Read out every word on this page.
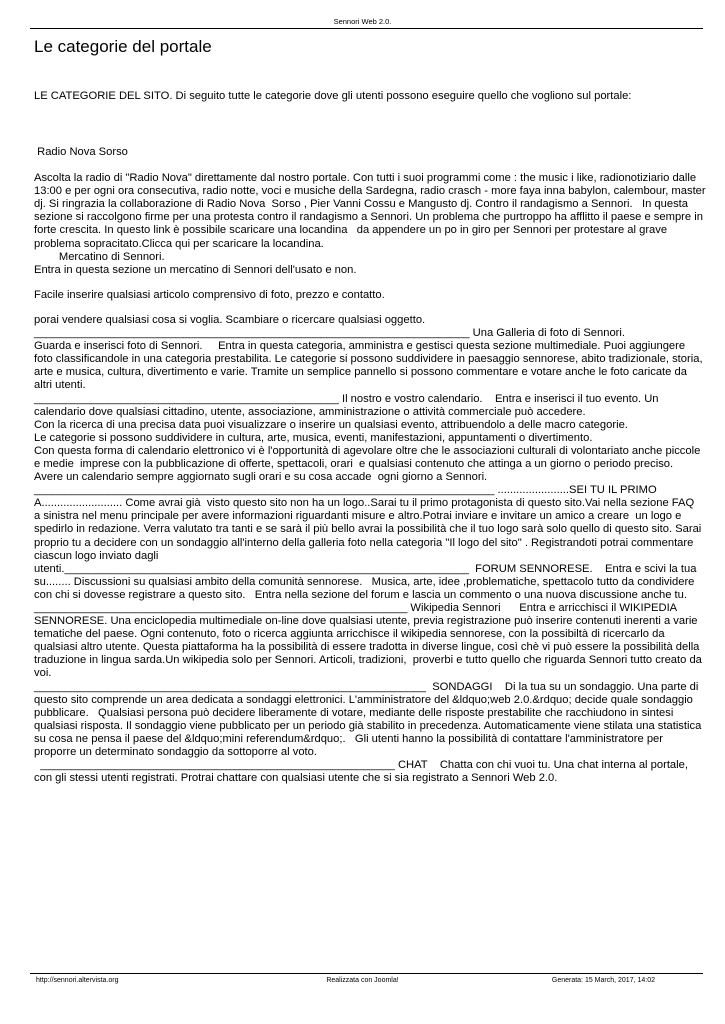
Sennori Web 2.0.
Le categorie del portale
LE CATEGORIE DEL SITO. Di seguito tutte le categorie dove gli utenti possono eseguire quello che vogliono sul portale:

Radio Nova Sorso

Ascolta la radio di "Radio Nova" direttamente dal nostro portale. Con tutti i suoi programmi come : the music i like, radionotiziario dalle 13:00 e per ogni ora consecutiva, radio notte, voci e musiche della Sardegna, radio crasch - more faya inna babylon, calembour, master dj. Si ringrazia la collaborazione di Radio Nova  Sorso , Pier Vanni Cossu e Mangusto dj. Contro il randagismo a Sennori.   In questa sezione si raccolgono firme per una protesta contro il randagismo a Sennori. Un problema che purtroppo ha afflitto il paese e sempre in forte crescita. In questo link è possibile scaricare una locandina   da appendere un po in giro per Sennori per protestare al grave problema sopracitato.Clicca qui per scaricare la locandina.
Mercatino di Sennori.
Entra in questa sezione un mercatino di Sennori dell'usato e non.

Facile inserire qualsiasi articolo comprensivo di foto, prezzo e contatto.

porai vendere qualsiasi cosa si voglia. Scambiare o ricercare qualsiasi oggetto.
______________________________________________________________________ Una Galleria di foto di Sennori.
Guarda e inserisci foto di Sennori.     Entra in questa categoria, amministra e gestisci questa sezione multimediale. Puoi aggiungere foto classificandole in una categoria prestabilita. Le categorie si possono suddividere in paesaggio sennorese, abito tradizionale, storia, arte e musica, cultura, divertimento e varie. Tramite un semplice pannello si possono commentare e votare anche le foto caricate da altri utenti.
_________________________________________________ Il nostro e vostro calendario.    Entra e inserisci il tuo evento. Un calendario dove qualsiasi cittadino, utente, associazione, amministrazione o attività commerciale può accedere.
Con la ricerca di una precisa data puoi visualizzare o inserire un qualsiasi evento, attribuendolo a delle macro categorie.
Le categorie si possono suddividere in cultura, arte, musica, eventi, manifestazioni, appuntamenti o divertimento.
Con questa forma di calendario elettronico vi è l'opportunità di agevolare oltre che le associazioni culturali di volontariato anche piccole e medie  imprese con la pubblicazione di offerte, spettacoli, orari  e qualsiasi contenuto che attinga a un giorno o periodo preciso.
Avere un calendario sempre aggiornato sugli orari e su cosa accade  ogni giorno a Sennori.
__________________________________________________________________________ .......................SEI TU IL PRIMO A.......................... Come avrai già  visto questo sito non ha un logo..Sarai tu il primo protagonista di questo sito.Vai nella sezione FAQ  a sinistra nel menu principale per avere informazioni riguardanti misure e altro.Potrai inviare e invitare un amico a creare  un logo e spedirlo in redazione. Verra valutato tra tanti e se sarà il più bello avrai la possibilità che il tuo logo sarà solo quello di questo sito. Sarai proprio tu a decidere con un sondaggio all'interno della galleria foto nella categoria "Il logo del sito" . Registrandoti potrai commentare ciascun logo inviato dagli
utenti._________________________________________________________________  FORUM SENNORESE.    Entra e scivi la tua su........ Discussioni su qualsiasi ambito della comunità sennorese.   Musica, arte, idee ,problematiche, spettacolo tutto da condividere con chi si dovesse registrare a questo sito.   Entra nella sezione del forum e lascia un commento o una nuova discussione anche tu. ____________________________________________________________ Wikipedia Sennori      Entra e arricchisci il WIKIPEDIA SENNORESE. Una enciclopedia multimediale on-line dove qualsiasi utente, previa registrazione può inserire contenuti inerenti a varie tematiche del paese. Ogni contenuto, foto o ricerca aggiunta arricchisce il wikipedia sennorese, con la possibiltà di ricercarlo da qualsiasi altro utente. Questa piattaforma ha la possibilità di essere tradotta in diverse lingue, così chè vi può essere la possibilità della traduzione in lingua sarda.Un wikipedia solo per Sennori. Articoli, tradizioni,  proverbi e tutto quello che riguarda Sennori tutto creato da voi.
_______________________________________________________________  SONDAGGI    Di la tua su un sondaggio. Una parte di questo sito comprende un area dedicata a sondaggi elettronici. L'amministratore del &ldquo;web 2.0.&rdquo; decide quale sondaggio pubblicare.   Qualsiasi persona può decidere liberamente di votare, mediante delle risposte prestabilite che racchiudono in sintesi qualsiasi risposta. Il sondaggio viene pubblicato per un periodo già stabilito in precedenza. Automaticamente viene stilata una statistica su cosa ne pensa il paese del &ldquo;mini referendum&rdquo;.   Gli utenti hanno la possibilità di contattare l'amministratore per proporre un determinato sondaggio da sottoporre al voto.
_________________________________________________________ CHAT    Chatta con chi vuoi tu. Una chat interna al portale, con gli stessi utenti registrati. Protrai chattare con qualsiasi utente che si sia registrato a Sennori Web 2.0.

http://sennori.altervista.org	Realizzata con Joomla!	Generata: 15 March, 2017, 14:02
